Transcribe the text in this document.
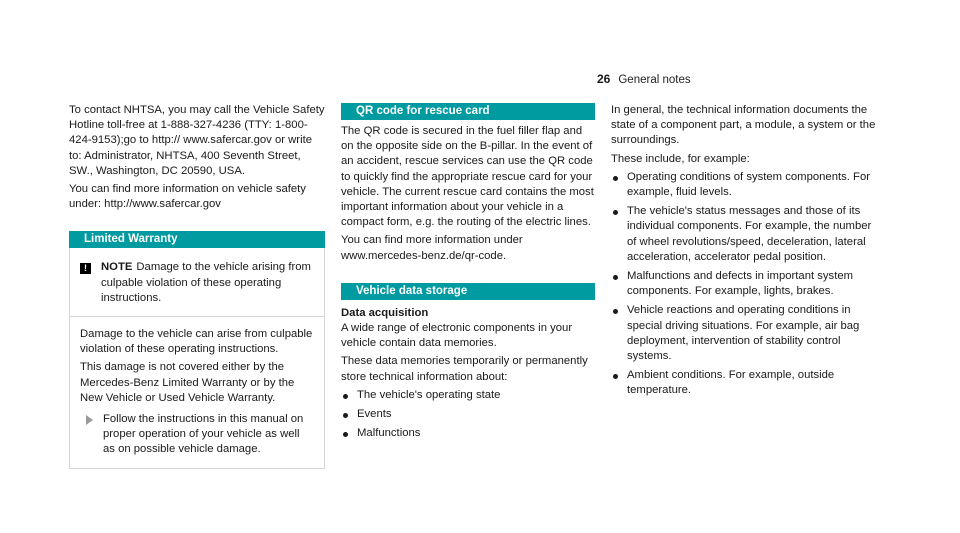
26 General notes

To contact NHTSA, you may call the Vehicle Safety Hotline toll-free at 1-888-327-4236 (TTY: 1-800-424-9153);go to http:// www.safercar.gov or write to: Administrator, NHTSA, 400 Seventh Street, SW., Washington, DC 20590, USA.

You can find more information on vehicle safety under: http://www.safercar.gov

Limited Warranty
!	NOTE Damage to the vehicle arising from culpable violation of these operating instructions.

Damage to the vehicle can arise from culpable violation of these operating instructions.

This damage is not covered either by the Mercedes-Benz Limited Warranty or by the New Vehicle or Used Vehicle Warranty.

Follow the instructions in this manual on proper operation of your vehicle as well as on possible vehicle damage.
QR code for rescue card

The QR code is secured in the fuel filler flap and on the opposite side on the B-pillar. In the event of an accident, rescue services can use the QR code to quickly find the appropriate rescue card for your vehicle. The current rescue card contains the most important information about your vehicle in a compact form, e.g. the routing of the electric lines.

You can find more information under www.mercedes-benz.de/qr-code.

Vehicle data storage
Data acquisition

A wide range of electronic components in your vehicle contain data memories.

These data memories temporarily or permanently store technical information about:

The vehicle's operating state
Events
Malfunctions

In general, the technical information documents the state of a component part, a module, a system or the surroundings.

These include, for example:

Operating conditions of system components. For example, fluid levels.
The vehicle's status messages and those of its individual components. For example, the number of wheel revolutions/speed, deceleration, lateral acceleration, accelerator pedal position.
Malfunctions and defects in important system components. For example, lights, brakes.
Vehicle reactions and operating conditions in special driving situations. For example, air bag deployment, intervention of stability control systems.
Ambient conditions. For example, outside temperature.
